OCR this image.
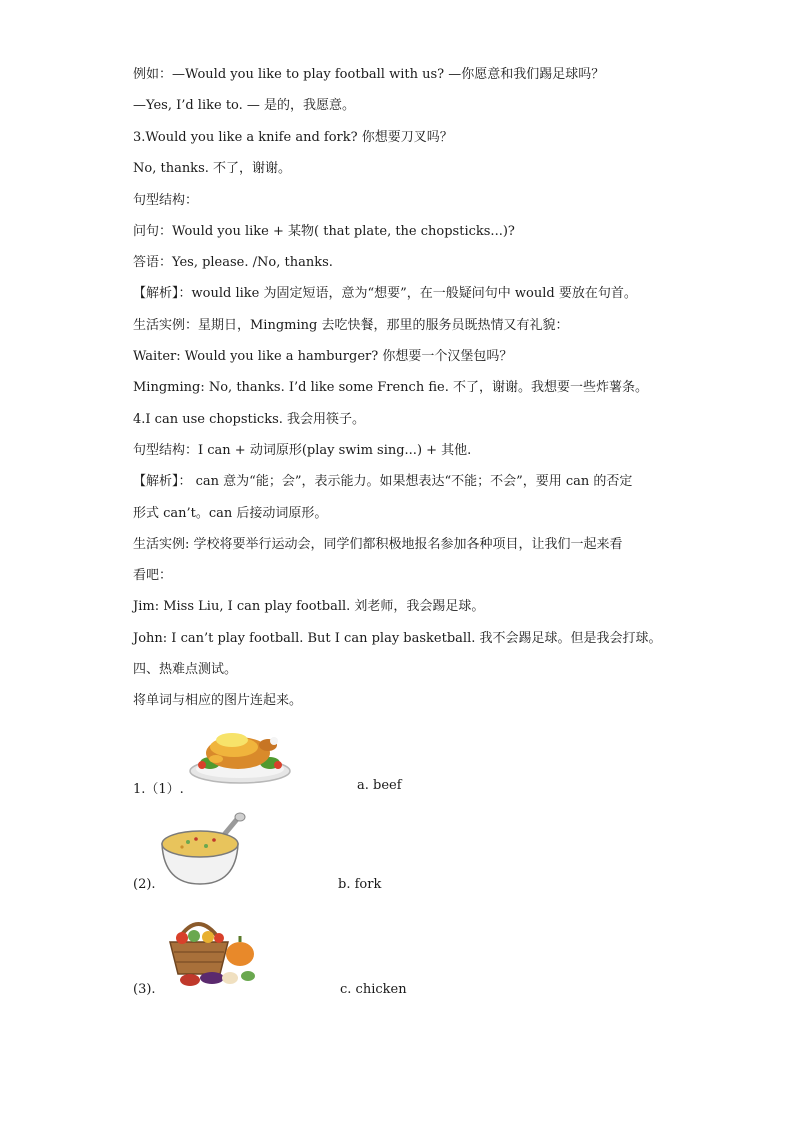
例如：—Would you like to play football with us? —你愿意和我们踢足球吗？
—Yes, I’d like to. — 是的，我愿意。
3.Would you like a knife and fork? 你想要刀叉吗？
No, thanks. 不了，谢谢。
句型结构：
问句：Would you like + 某物( that plate, the chopsticks...)?
答语：Yes, please. /No, thanks.
【解析】：would like 为固定短语，意为“想要”，在一般疑问句中 would 要放在句首。
生活实例：星期日，Mingming 去吃快餐，那里的服务员既热情又有礼貌：
Waiter: Would you like a hamburger? 你想要一个汉堡包吗？
Mingming: No, thanks. I’d like some French fie. 不了，谢谢。我想要一些炸薯条。
4.I can use chopsticks. 我会用筷子。
句型结构：I can + 动词原形(play swim sing...) + 其他.
【解析】： can 意为“能；会”，表示能力。如果想表达“不能；不会”，要用 can 的否定
形式 can’t。can 后接动词原形。
生活实例: 学校将要举行运动会，同学们都积极地报名参加各种项目，让我们一起来看
看吧：
Jim: Miss Liu, I can play football. 刘老师，我会踢足球。
John: I can’t play football. But I can play basketball. 我不会踢足球。但是我会打球。
四、热难点测试。
将单词与相应的图片连起来。
1.（1）.	a. beef
(2).	b. fork
(3).	c. chicken
